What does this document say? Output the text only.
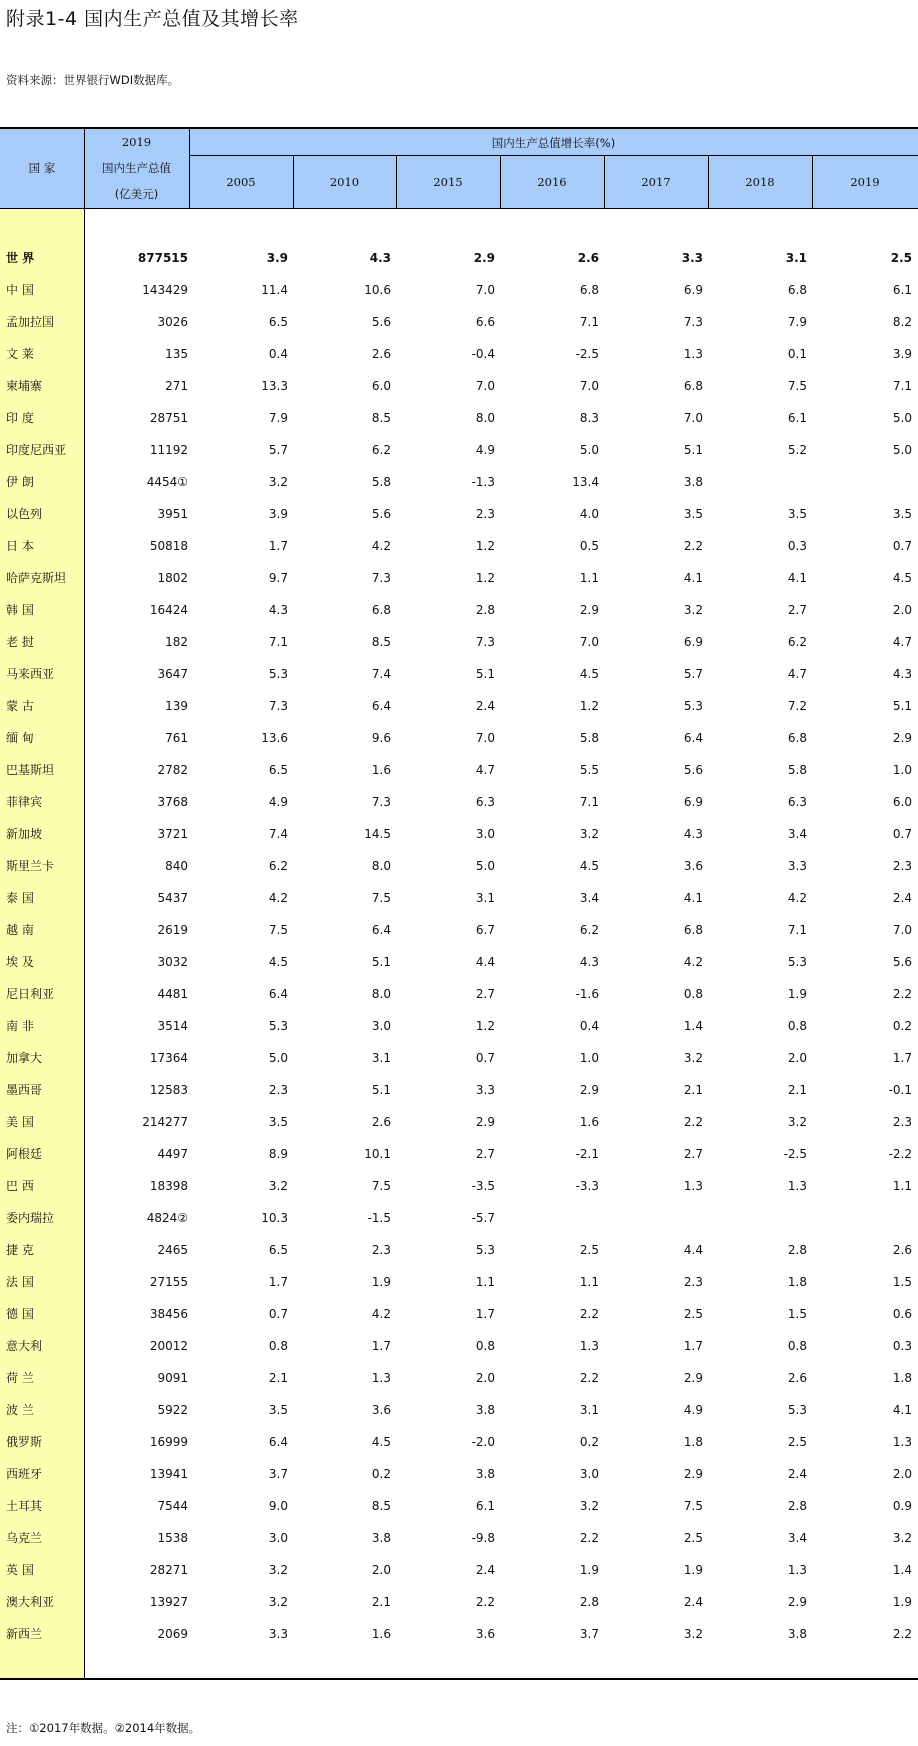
附录1-4 国内生产总值及其增长率
资料来源：世界银行WDI数据库。
国 家
2019
国内生产总值
(亿美元)
国内生产总值增长率(%)
2005	2010	2015	2016	2017	2018	2019
世 界	877515	3.9	4.3	2.9	2.6	3.3	3.1	2.5
中 国	143429	11.4	10.6	7.0	6.8	6.9	6.8	6.1
孟加拉国	3026	6.5	5.6	6.6	7.1	7.3	7.9	8.2
文 莱	135	0.4	2.6	-0.4	-2.5	1.3	0.1	3.9
柬埔寨	271	13.3	6.0	7.0	7.0	6.8	7.5	7.1
印 度	28751	7.9	8.5	8.0	8.3	7.0	6.1	5.0
印度尼西亚	11192	5.7	6.2	4.9	5.0	5.1	5.2	5.0
伊 朗	4454①	3.2	5.8	-1.3	13.4	3.8
以色列	3951	3.9	5.6	2.3	4.0	3.5	3.5	3.5
日 本	50818	1.7	4.2	1.2	0.5	2.2	0.3	0.7
哈萨克斯坦	1802	9.7	7.3	1.2	1.1	4.1	4.1	4.5
韩 国	16424	4.3	6.8	2.8	2.9	3.2	2.7	2.0
老 挝	182	7.1	8.5	7.3	7.0	6.9	6.2	4.7
马来西亚	3647	5.3	7.4	5.1	4.5	5.7	4.7	4.3
蒙 古	139	7.3	6.4	2.4	1.2	5.3	7.2	5.1
缅 甸	761	13.6	9.6	7.0	5.8	6.4	6.8	2.9
巴基斯坦	2782	6.5	1.6	4.7	5.5	5.6	5.8	1.0
菲律宾	3768	4.9	7.3	6.3	7.1	6.9	6.3	6.0
新加坡	3721	7.4	14.5	3.0	3.2	4.3	3.4	0.7
斯里兰卡	840	6.2	8.0	5.0	4.5	3.6	3.3	2.3
泰 国	5437	4.2	7.5	3.1	3.4	4.1	4.2	2.4
越 南	2619	7.5	6.4	6.7	6.2	6.8	7.1	7.0
埃 及	3032	4.5	5.1	4.4	4.3	4.2	5.3	5.6
尼日利亚	4481	6.4	8.0	2.7	-1.6	0.8	1.9	2.2
南 非	3514	5.3	3.0	1.2	0.4	1.4	0.8	0.2
加拿大	17364	5.0	3.1	0.7	1.0	3.2	2.0	1.7
墨西哥	12583	2.3	5.1	3.3	2.9	2.1	2.1	-0.1
美 国	214277	3.5	2.6	2.9	1.6	2.2	3.2	2.3
阿根廷	4497	8.9	10.1	2.7	-2.1	2.7	-2.5	-2.2
巴 西	18398	3.2	7.5	-3.5	-3.3	1.3	1.3	1.1
委内瑞拉	4824②	10.3	-1.5	-5.7
捷 克	2465	6.5	2.3	5.3	2.5	4.4	2.8	2.6
法 国	27155	1.7	1.9	1.1	1.1	2.3	1.8	1.5
德 国	38456	0.7	4.2	1.7	2.2	2.5	1.5	0.6
意大利	20012	0.8	1.7	0.8	1.3	1.7	0.8	0.3
荷 兰	9091	2.1	1.3	2.0	2.2	2.9	2.6	1.8
波 兰	5922	3.5	3.6	3.8	3.1	4.9	5.3	4.1
俄罗斯	16999	6.4	4.5	-2.0	0.2	1.8	2.5	1.3
西班牙	13941	3.7	0.2	3.8	3.0	2.9	2.4	2.0
土耳其	7544	9.0	8.5	6.1	3.2	7.5	2.8	0.9
乌克兰	1538	3.0	3.8	-9.8	2.2	2.5	3.4	3.2
英 国	28271	3.2	2.0	2.4	1.9	1.9	1.3	1.4
澳大利亚	13927	3.2	2.1	2.2	2.8	2.4	2.9	1.9
新西兰	2069	3.3	1.6	3.6	3.7	3.2	3.8	2.2
注：①2017年数据。②2014年数据。
